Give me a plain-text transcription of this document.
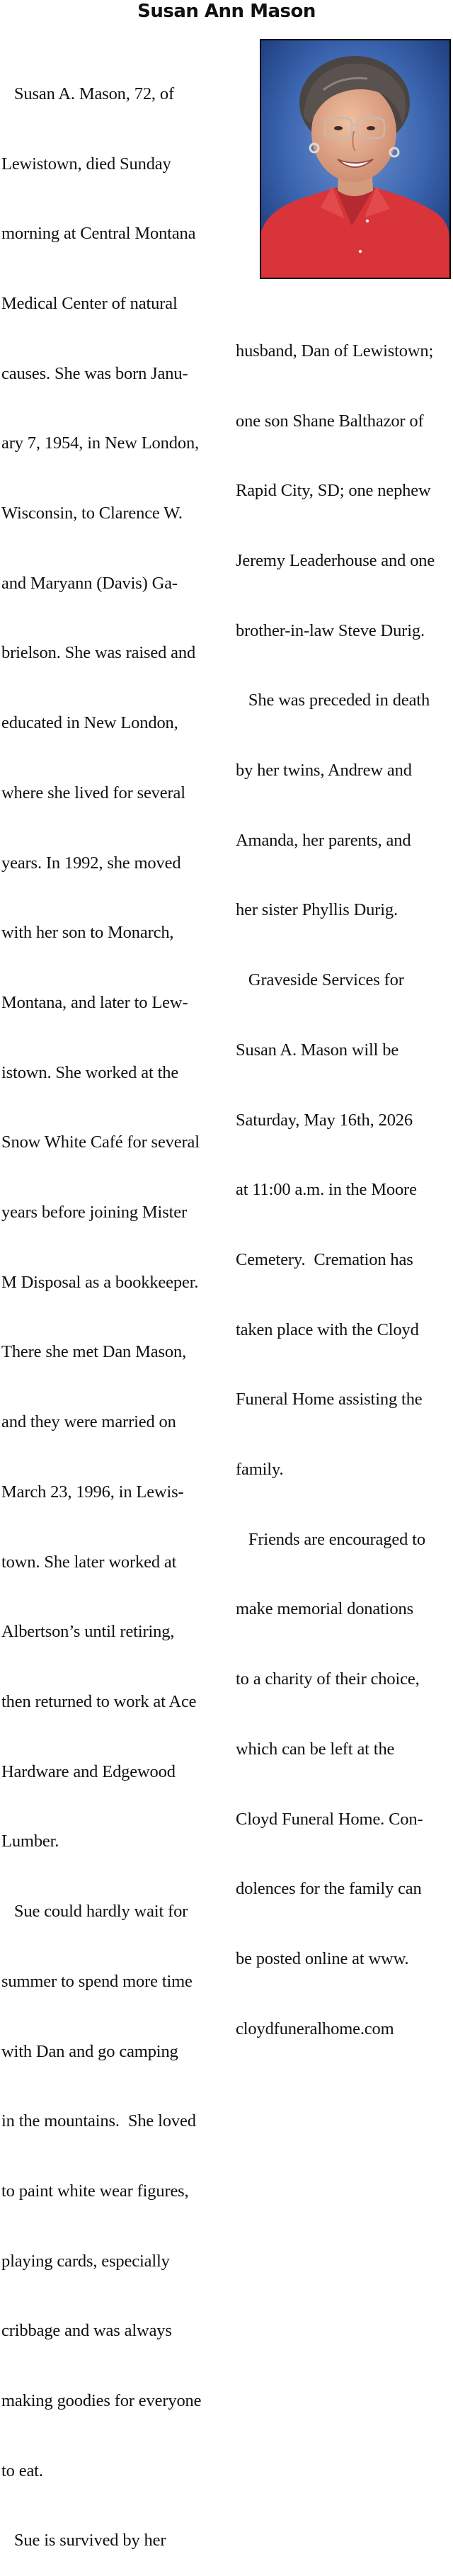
Susan Ann Mason

Susan A. Mason, 72, of

Lewistown, died Sunday

morning at Central Montana

Medical Center of natural

causes. She was born Janu-

ary 7, 1954, in New London,

Wisconsin, to Clarence W.

and Maryann (Davis) Ga-

brielson. She was raised and

educated in New London,

where she lived for several

years. In 1992, she moved

with her son to Monarch,

Montana, and later to Lew-

istown. She worked at the

Snow White Café for several

years before joining Mister

M Disposal as a bookkeeper.

There she met Dan Mason,

and they were married on

March 23, 1996, in Lewis-

town. She later worked at

Albertson’s until retiring,

then returned to work at Ace

Hardware and Edgewood

Lumber.

Sue could hardly wait for

summer to spend more time

with Dan and go camping

in the mountains.  She loved

to paint white wear figures,

playing cards, especially

cribbage and was always

making goodies for everyone

to eat.

Sue is survived by her

husband, Dan of Lewistown;

one son Shane Balthazor of

Rapid City, SD; one nephew

Jeremy Leaderhouse and one

brother-in-law Steve Durig.

She was preceded in death

by her twins, Andrew and

Amanda, her parents, and

her sister Phyllis Durig.

Graveside Services for

Susan A. Mason will be

Saturday, May 16th, 2026

at 11:00 a.m. in the Moore

Cemetery.  Cremation has

taken place with the Cloyd

Funeral Home assisting the

family.

Friends are encouraged to

make memorial donations

to a charity of their choice,

which can be left at the

Cloyd Funeral Home. Con-

dolences for the family can

be posted online at www.

cloydfuneralhome.com
